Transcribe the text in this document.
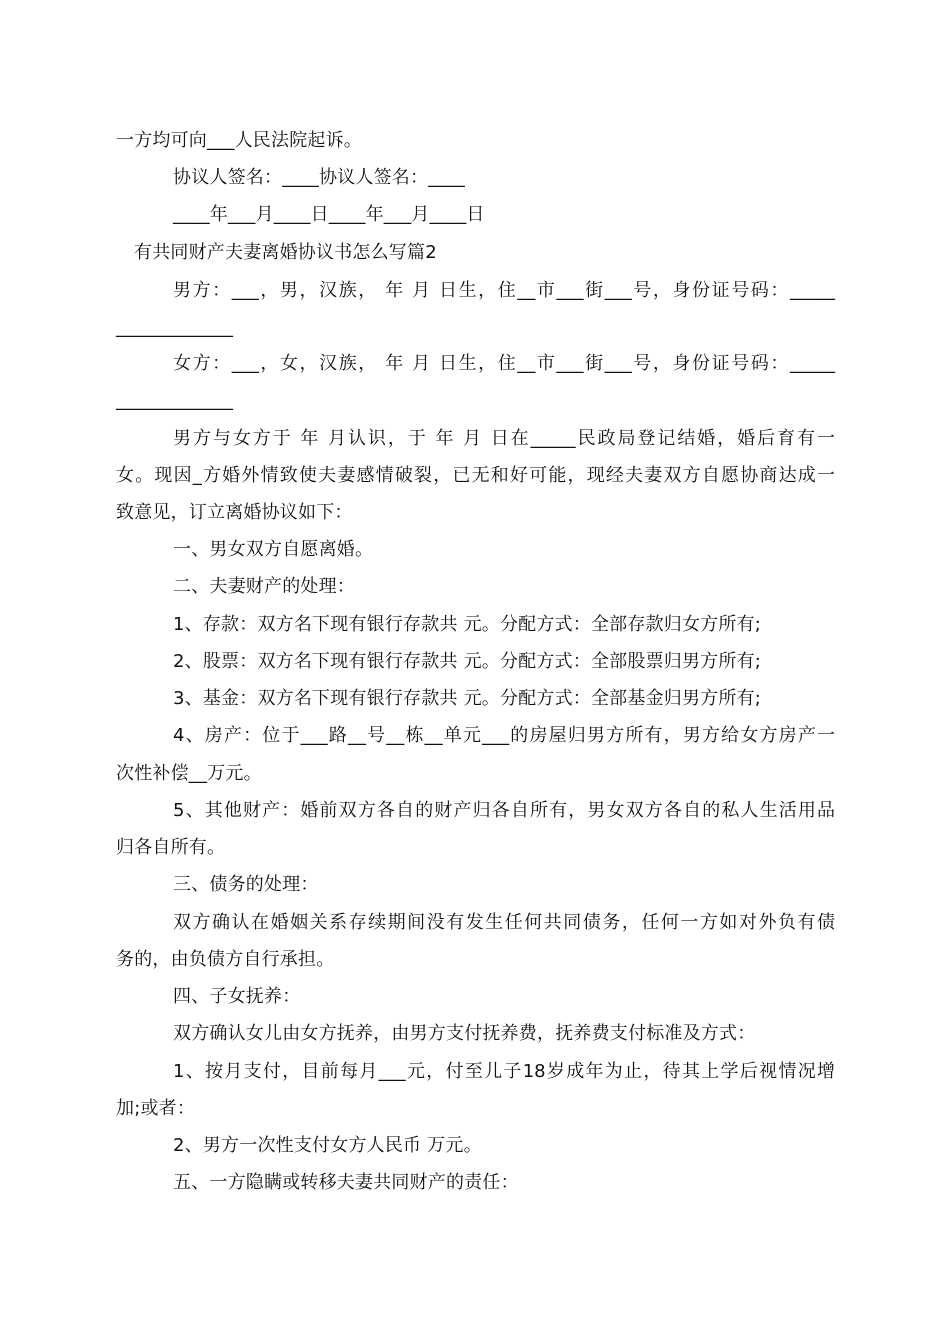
一方均可向___人民法院起诉。
协议人签名：____协议人签名：____
____年___月____日____年___月____日
有共同财产夫妻离婚协议书怎么写篇2
男方：___，男，汉族， 年 月 日生，住__市___街___号，身份证号码：_____
_____________
女方：___，女，汉族， 年 月 日生，住__市___街___号，身份证号码：_____
_____________
男方与女方于 年 月认识，于 年 月 日在_____民政局登记结婚，婚后育有一
女。现因_方婚外情致使夫妻感情破裂，已无和好可能，现经夫妻双方自愿协商达成一
致意见，订立离婚协议如下：
一、男女双方自愿离婚。
二、夫妻财产的处理：
1、存款：双方名下现有银行存款共 元。分配方式：全部存款归女方所有;
2、股票：双方名下现有银行存款共 元。分配方式：全部股票归男方所有;
3、基金：双方名下现有银行存款共 元。分配方式：全部基金归男方所有;
4、房产：位于___路__号__栋__单元___的房屋归男方所有，男方给女方房产一
次性补偿__万元。
5、其他财产：婚前双方各自的财产归各自所有，男女双方各自的私人生活用品
归各自所有。
三、债务的处理：
双方确认在婚姻关系存续期间没有发生任何共同债务，任何一方如对外负有债
务的，由负债方自行承担。
四、子女抚养：
双方确认女儿由女方抚养，由男方支付抚养费，抚养费支付标准及方式：
1、按月支付，目前每月___元，付至儿子18岁成年为止，待其上学后视情况增
加;或者：
2、男方一次性支付女方人民币 万元。
五、一方隐瞒或转移夫妻共同财产的责任：
